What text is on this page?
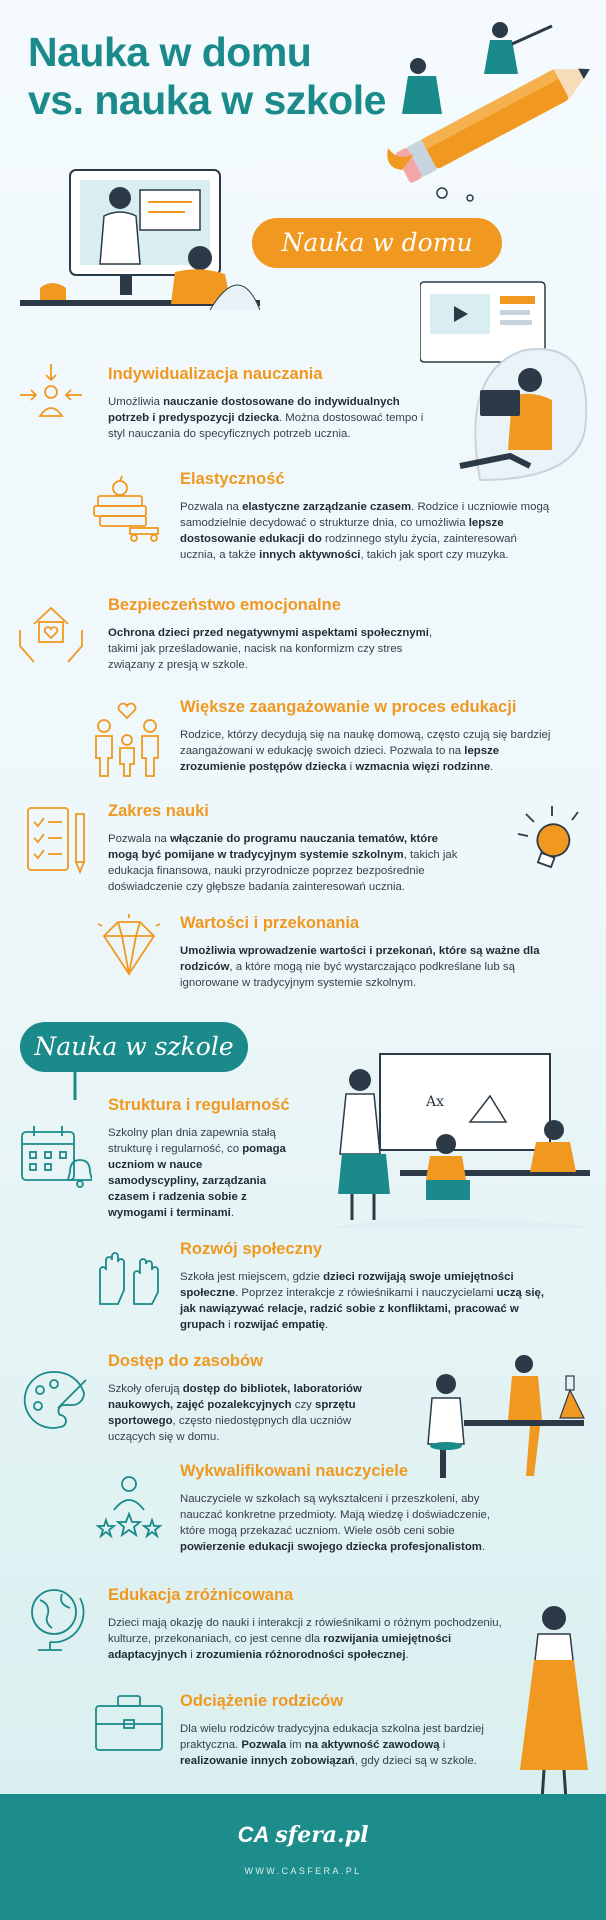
Nauka w domu
vs. nauka w szkole
Nauka w domu
Indywidualizacja nauczania

Umożliwia nauczanie dostosowane do indywidualnych potrzeb i predyspozycji dziecka. Można dostosować tempo i styl nauczania do specyficznych potrzeb ucznia.

Elastyczność

Pozwala na elastyczne zarządzanie czasem. Rodzice i uczniowie mogą samodzielnie decydować o strukturze dnia, co umożliwia lepsze dostosowanie edukacji do rodzinnego stylu życia, zainteresowań ucznia, a także innych aktywności, takich jak sport czy muzyka.

Bezpieczeństwo emocjonalne

Ochrona dzieci przed negatywnymi aspektami społecznymi, takimi jak prześladowanie, nacisk na konformizm czy stres związany z presją w szkole.

Większe zaangażowanie w proces edukacji

Rodzice, którzy decydują się na naukę domową, często czują się bardziej zaangażowani w edukację swoich dzieci. Pozwala to na lepsze zrozumienie postępów dziecka i wzmacnia więzi rodzinne.

Zakres nauki

Pozwala na włączanie do programu nauczania tematów, które mogą być pomijane w tradycyjnym systemie szkolnym, takich jak edukacja finansowa, nauki przyrodnicze poprzez bezpośrednie doświadczenie czy głębsze badania zainteresowań ucznia.

Wartości i przekonania

Umożliwia wprowadzenie wartości i przekonań, które są ważne dla rodziców, a które mogą nie być wystarczająco podkreślane lub są ignorowane w tradycyjnym systemie szkolnym.

Nauka w szkole
Ax
Struktura i regularność

Szkolny plan dnia zapewnia stałą strukturę i regularność, co pomaga uczniom w nauce samodyscypliny, zarządzania czasem i radzenia sobie z wymogami i terminami.

Rozwój społeczny

Szkoła jest miejscem, gdzie dzieci rozwijają swoje umiejętności społeczne. Poprzez interakcje z rówieśnikami i nauczycielami uczą się, jak nawiązywać relacje, radzić sobie z konfliktami, pracować w grupach i rozwijać empatię.

Dostęp do zasobów

Szkoły oferują dostęp do bibliotek, laboratoriów naukowych, zajęć pozalekcyjnych czy sprzętu sportowego, często niedostępnych dla uczniów uczących się w domu.

Wykwalifikowani nauczyciele

Nauczyciele w szkołach są wykształceni i przeszkoleni, aby nauczać konkretne przedmioty. Mają wiedzę i doświadczenie, które mogą przekazać uczniom. Wiele osób ceni sobie powierzenie edukacji swojego dziecka profesjonalistom.

Edukacja zróżnicowana

Dzieci mają okazję do nauki i interakcji z rówieśnikami o różnym pochodzeniu, kulturze, przekonaniach, co jest cenne dla rozwijania umiejętności adaptacyjnych i zrozumienia różnorodności społecznej.

Odciążenie rodziców

Dla wielu rodziców tradycyjna edukacja szkolna jest bardziej praktyczna. Pozwala im na aktywność zawodową i realizowanie innych zobowiązań, gdy dzieci są w szkole.

CA sfera.pl
WWW.CASFERA.PL
